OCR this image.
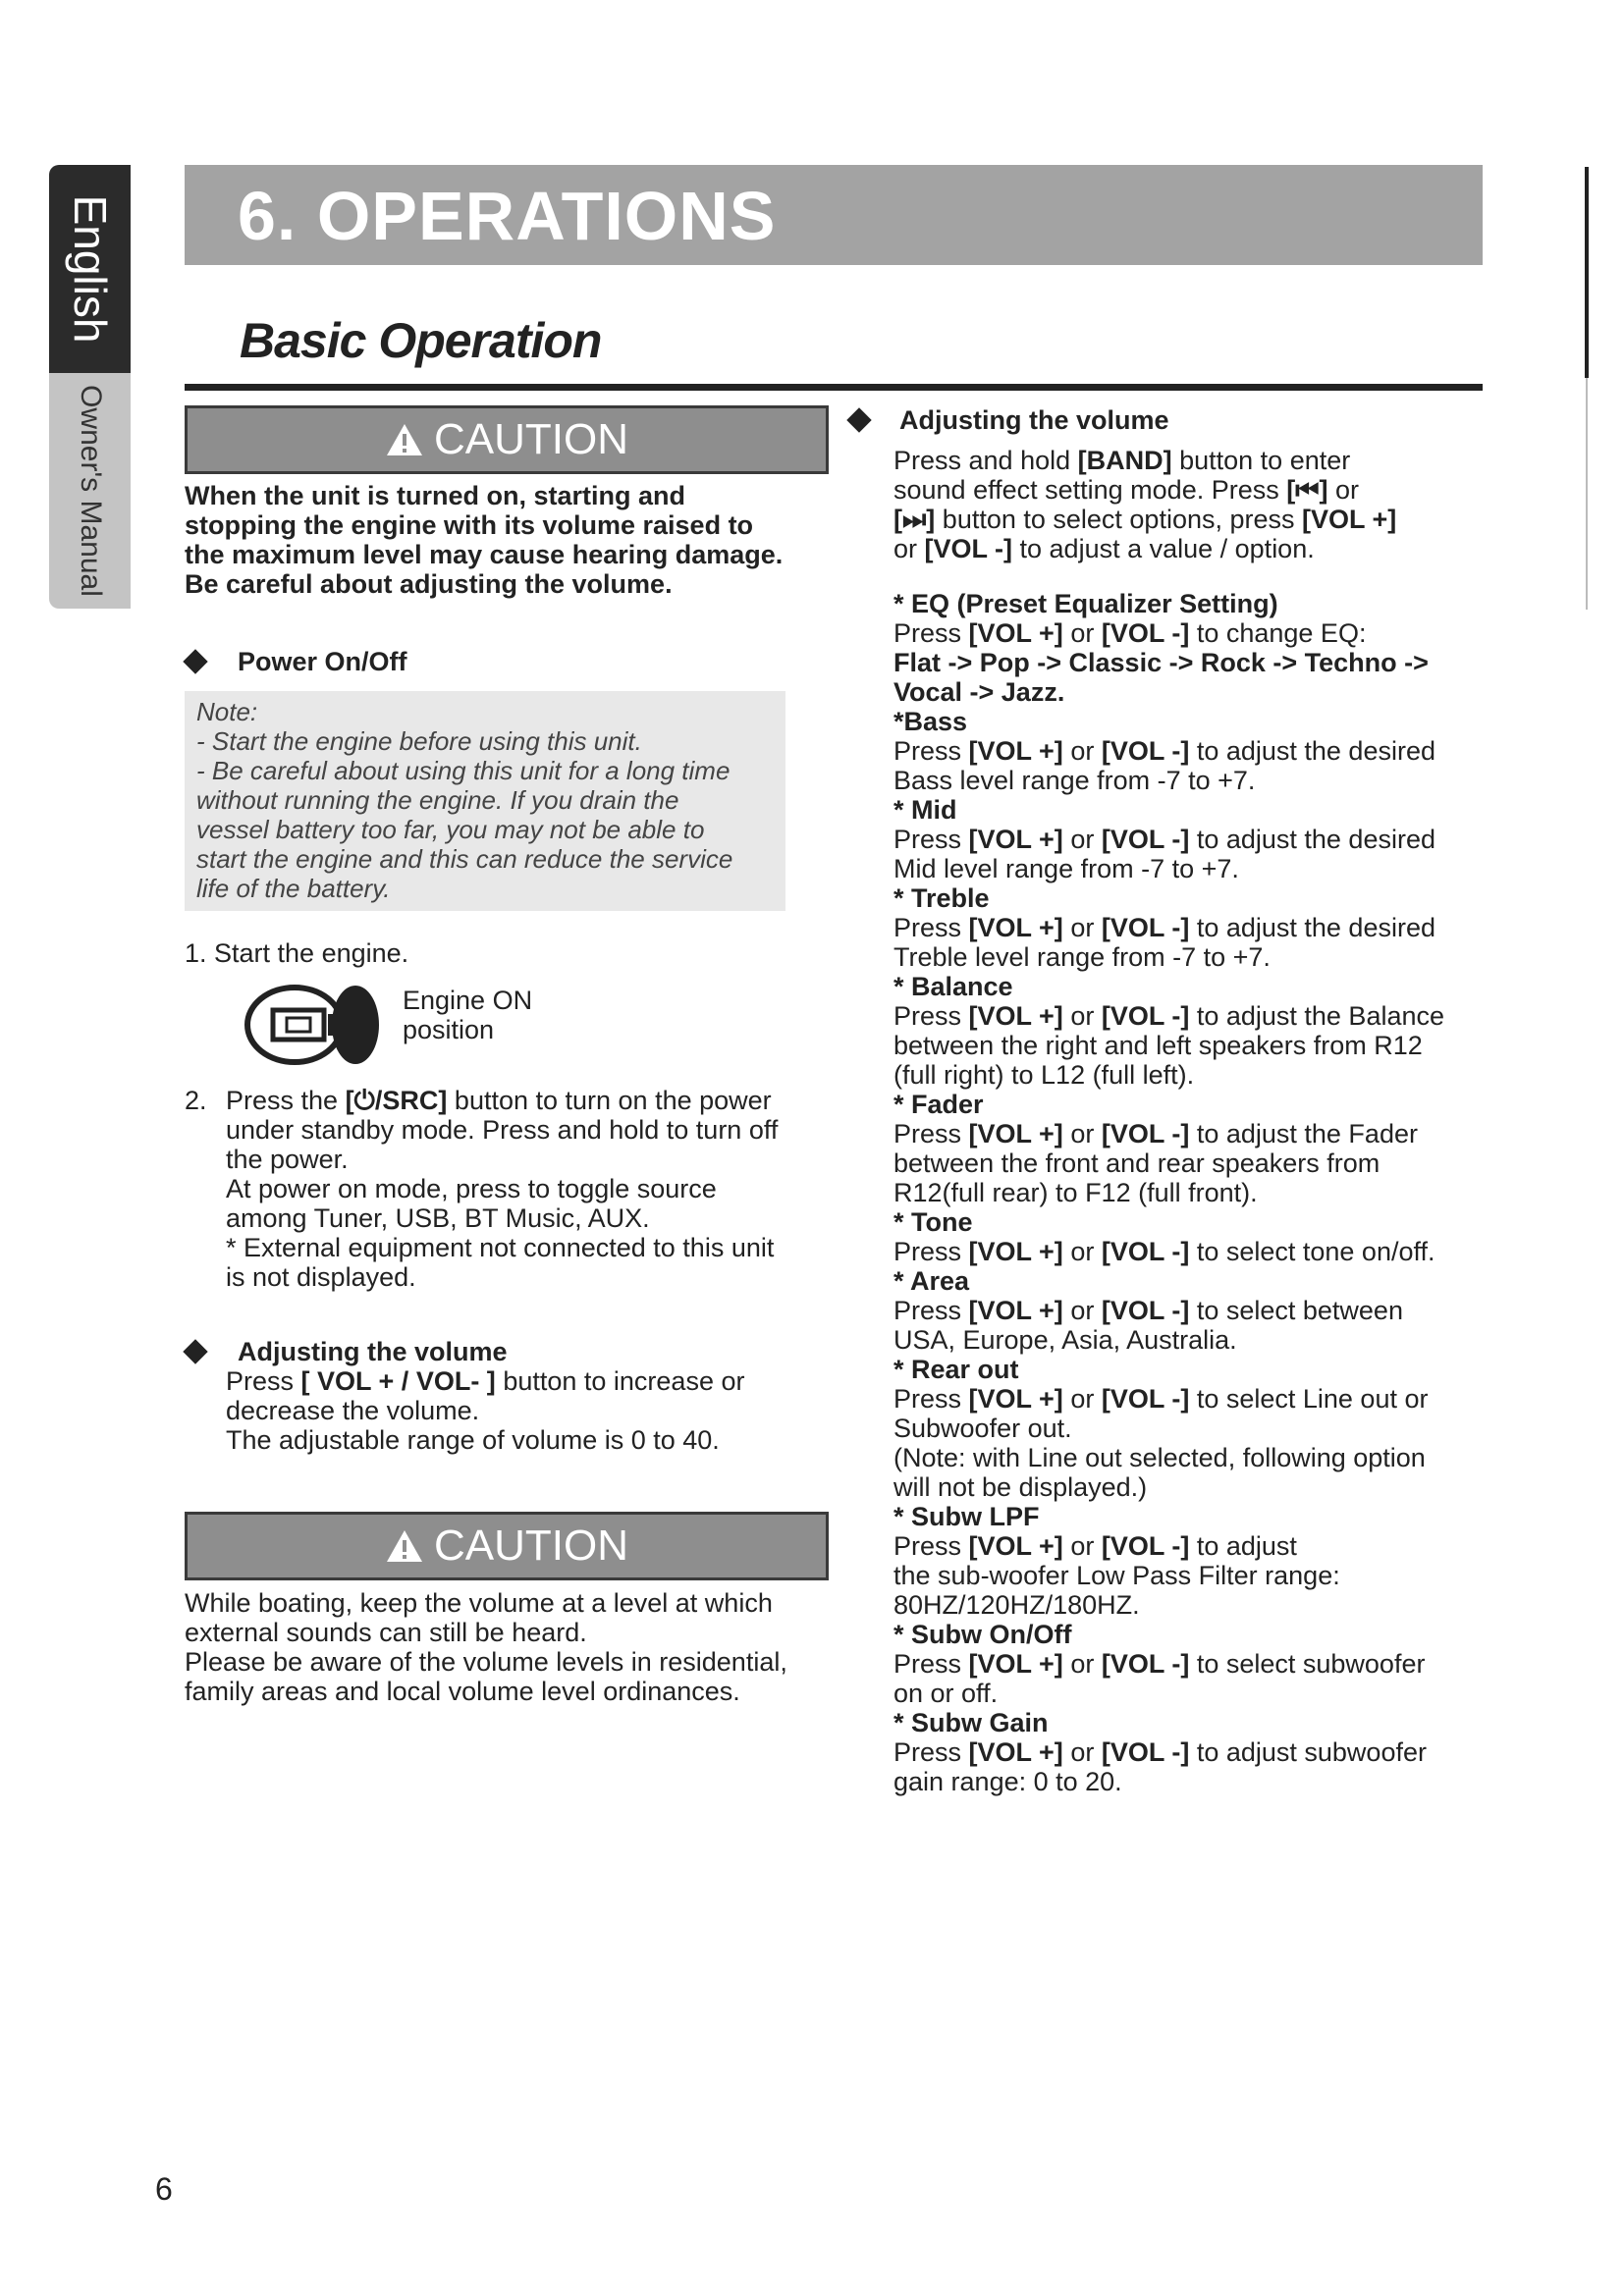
English
Owner's Manual
6. OPERATIONS
Basic Operation
CAUTION
When the unit is turned on, starting and
stopping the engine with its volume raised to
the maximum level may cause hearing damage.
Be careful about adjusting the volume.
Power On/Off
Note:
- Start the engine before using this unit.
- Be careful about using this unit for a long time
without running the engine. If you drain the
vessel battery too far, you may not be able to
start the engine and this can reduce the service
life of the battery.
1. Start the engine.
Engine ON
position
2. Press the [⏻/SRC] button to turn on the power
under standby mode. Press and hold to turn off
the power.
At power on mode, press to toggle source
among Tuner, USB, BT Music, AUX.
* External equipment not connected to this unit
is not displayed.
Adjusting the volume
Press [ VOL + / VOL- ] button to increase or
decrease the volume.
The adjustable range of volume is 0 to 40.
CAUTION
While boating, keep the volume at a level at which
external sounds can still be heard.
Please be aware of the volume levels in residential,
family areas and local volume level ordinances.
Adjusting the volume
Press and hold [BAND] button to enter
sound effect setting mode. Press [⏮] or
[⏭] button to select options, press [VOL +]
or [VOL -] to adjust a value / option.
* EQ (Preset Equalizer Setting)
Press [VOL +] or [VOL -] to change EQ:
Flat -> Pop -> Classic -> Rock -> Techno ->
Vocal -> Jazz.
*Bass
Press [VOL +] or [VOL -] to adjust the desired
Bass level range from -7 to +7.
* Mid
Press [VOL +] or [VOL -] to adjust the desired
Mid level range from -7 to +7.
* Treble
Press [VOL +] or [VOL -] to adjust the desired
Treble level range from -7 to +7.
* Balance
Press [VOL +] or [VOL -] to adjust the Balance
between the right and left speakers from R12
(full right) to L12 (full left).
* Fader
Press [VOL +] or [VOL -] to adjust the Fader
between the front and rear speakers from
R12(full rear) to F12 (full front).
* Tone
Press [VOL +] or [VOL -] to select tone on/off.
* Area
Press [VOL +] or [VOL -] to select between
USA, Europe, Asia, Australia.
* Rear out
Press [VOL +] or [VOL -] to select Line out or
Subwoofer out.
(Note: with Line out selected, following option
will not be displayed.)
* Subw LPF
Press [VOL +] or [VOL -] to adjust
the sub-woofer Low Pass Filter range:
80HZ/120HZ/180HZ.
* Subw On/Off
Press [VOL +] or [VOL -] to select subwoofer
on or off.
* Subw Gain
Press [VOL +] or [VOL -] to adjust subwoofer
gain range: 0 to 20.
6
